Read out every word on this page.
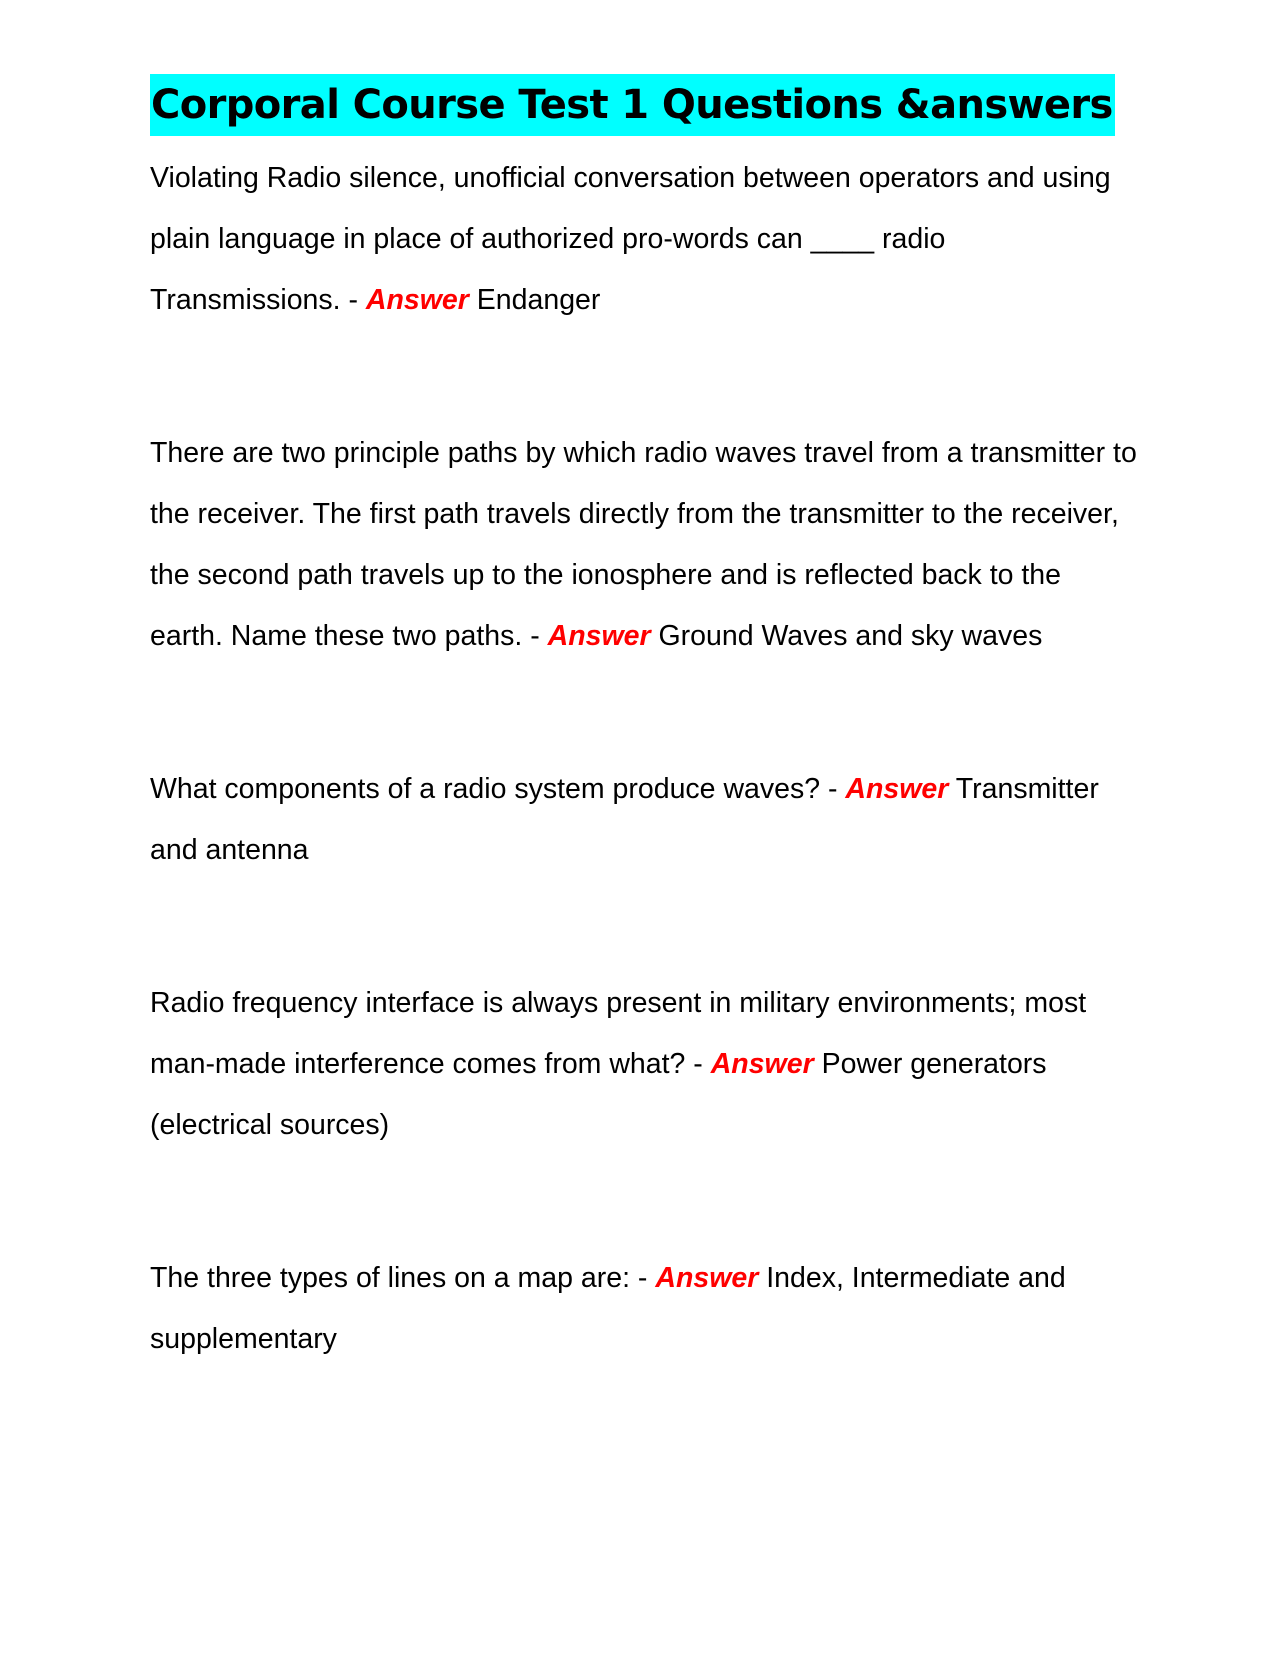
Corporal Course Test 1 Questions &answers

Violating Radio silence, unofficial conversation between operators and using plain language in place of authorized pro-words can ____ radio Transmissions. - Answer Endanger

There are two principle paths by which radio waves travel from a transmitter to the receiver. The first path travels directly from the transmitter to the receiver, the second path travels up to the ionosphere and is reflected back to the earth. Name these two paths. - Answer Ground Waves and sky waves

What components of a radio system produce waves? - Answer Transmitter and antenna

Radio frequency interface is always present in military environments; most man-made interference comes from what? - Answer Power generators (electrical sources)

The three types of lines on a map are: - Answer Index, Intermediate and supplementary
